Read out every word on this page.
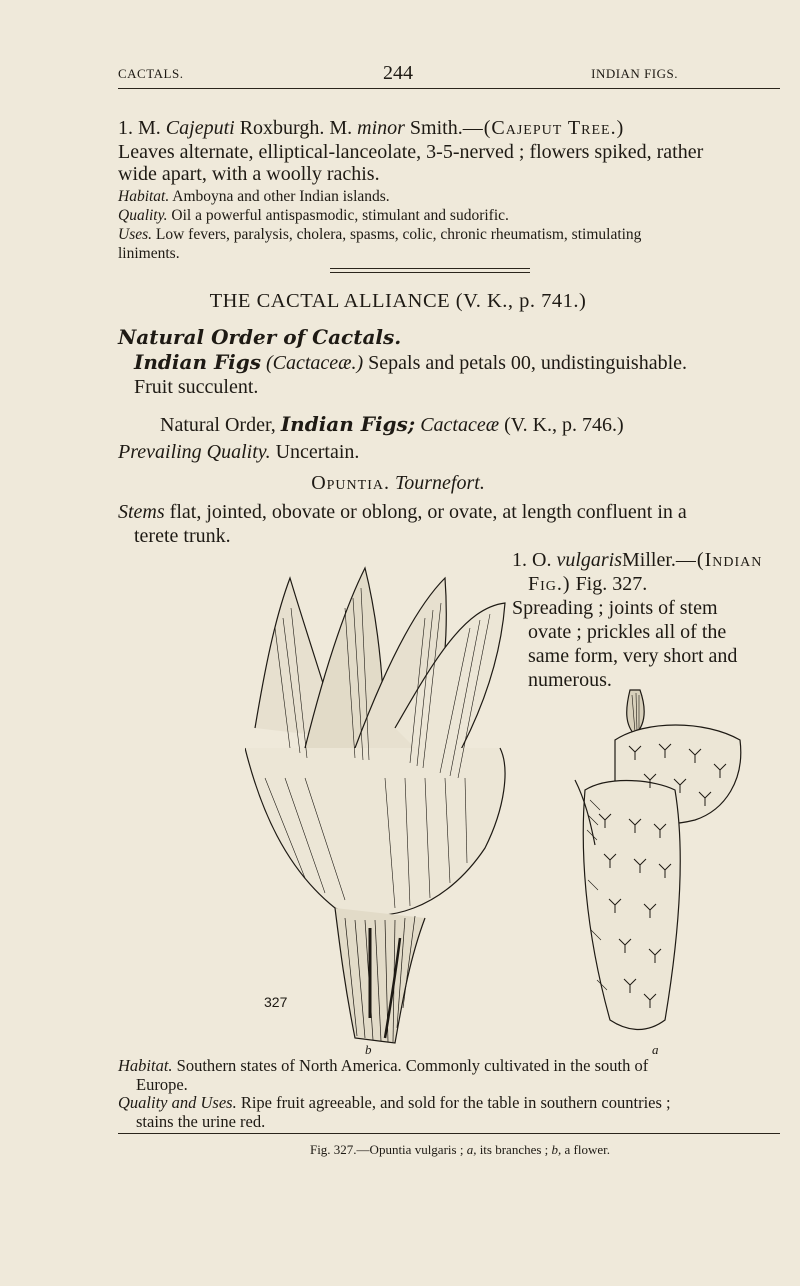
CACTALS.	244	INDIAN FIGS.
1. M. Cajeputi Roxburgh. M. minor Smith.—(Cajeput Tree.)
Leaves alternate, elliptical-lanceolate, 3-5-nerved ; flowers spiked, rather
wide apart, with a woolly rachis.
Habitat. Amboyna and other Indian islands.
Quality. Oil a powerful antispasmodic, stimulant and sudorific.
Uses. Low fevers, paralysis, cholera, spasms, colic, chronic rheumatism, stimulating
liniments.
THE CACTAL ALLIANCE (V. K., p. 741.)
Natural Order of Cactals.
Indian Figs (Cactaceæ.) Sepals and petals 00, undistinguishable.
Fruit succulent.
Natural Order, Indian Figs; Cactaceæ (V. K., p. 746.)
Prevailing Quality. Uncertain.
Opuntia. Tournefort.
Stems flat, jointed, obovate or oblong, or ovate, at length confluent in a
terete trunk.
1. O. vulgarisMiller.—(Indian
Fig.) Fig. 327.
Spreading ; joints of stem
ovate ; prickles all of the
same form, very short and
numerous.
327
b	a
Habitat. Southern states of North America. Commonly cultivated in the south of
Europe.
Quality and Uses. Ripe fruit agreeable, and sold for the table in southern countries ;
stains the urine red.
Fig. 327.—Opuntia vulgaris ; a, its branches ; b, a flower.
